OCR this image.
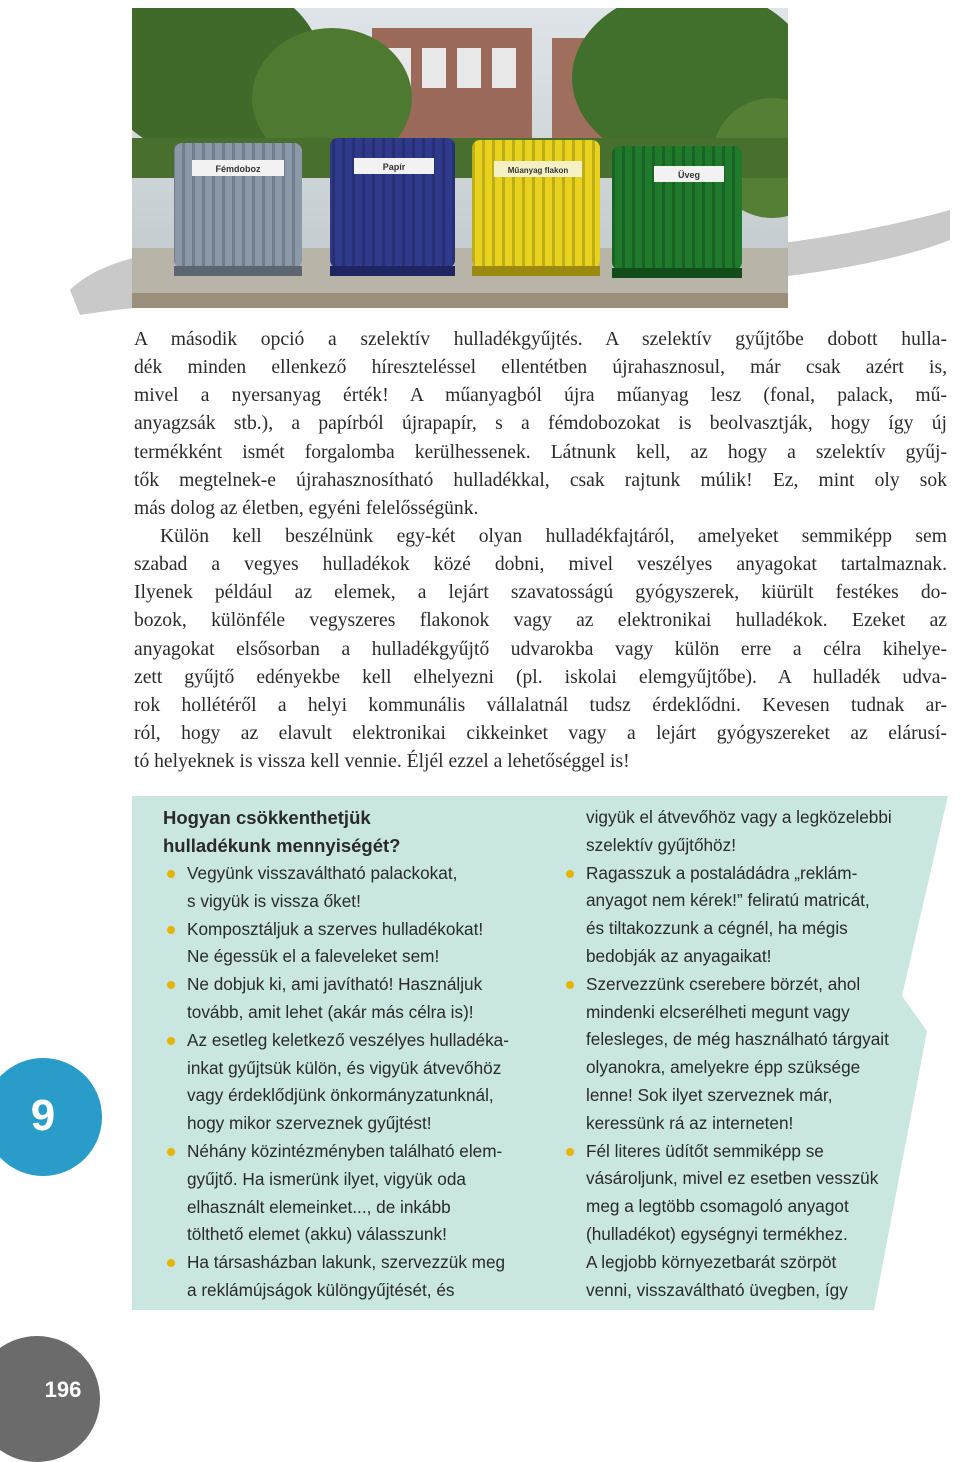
Fémdoboz	Papír	Műanyag flakon	Üveg
A második opció a szelektív hulladékgyűjtés. A szelektív gyűjtőbe dobott hulla-
dék minden ellenkező híreszteléssel ellentétben újrahasznosul, már csak azért is,
mivel a nyersanyag érték! A műanyagból újra műanyag lesz (fonal, palack, mű-
anyagzsák stb.), a papírból újrapapír, s a fémdobozokat is beolvasztják, hogy így új
termékként ismét forgalomba kerülhessenek. Látnunk kell, az hogy a szelektív gyűj-
tők megtelnek-e újrahasznosítható hulladékkal, csak rajtunk múlik! Ez, mint oly sok
más dolog az életben, egyéni felelősségünk.
Külön kell beszélnünk egy-két olyan hulladékfajtáról, amelyeket semmiképp sem
szabad a vegyes hulladékok közé dobni, mivel veszélyes anyagokat tartalmaznak.
Ilyenek például az elemek, a lejárt szavatosságú gyógyszerek, kiürült festékes do-
bozok, különféle vegyszeres flakonok vagy az elektronikai hulladékok. Ezeket az
anyagokat elsősorban a hulladékgyűjtő udvarokba vagy külön erre a célra kihelye-
zett gyűjtő edényekbe kell elhelyezni (pl. iskolai elemgyűjtőbe). A hulladék udva-
rok hollétéről a helyi kommunális vállalatnál tudsz érdeklődni. Kevesen tudnak ar-
ról, hogy az elavult elektronikai cikkeinket vagy a lejárt gyógyszereket az elárusí-
tó helyeknek is vissza kell vennie. Éljél ezzel a lehetőséggel is!
Hogyan csökkenthetjük
hulladékunk mennyiségét?
Vegyünk visszaváltható palackokat,
s vigyük is vissza őket!
Komposztáljuk a szerves hulladékokat!
Ne égessük el a faleveleket sem!
Ne dobjuk ki, ami javítható! Használjuk
tovább, amit lehet (akár más célra is)!
Az esetleg keletkező veszélyes hulladéka-
inkat gyűjtsük külön, és vigyük átvevőhöz
vagy érdeklődjünk önkormányzatunknál,
hogy mikor szerveznek gyűjtést!
Néhány közintézményben található elem-
gyűjtő. Ha ismerünk ilyet, vigyük oda
elhasznált elemeinket..., de inkább
tölthető elemet (akku) válasszunk!
Ha társasházban lakunk, szervezzük meg
a reklámújságok különgyűjtését, és
vigyük el átvevőhöz vagy a legközelebbi
szelektív gyűjtőhöz!
Ragasszuk a postaládádra „reklám-
anyagot nem kérek!” feliratú matricát,
és tiltakozzunk a cégnél, ha mégis
bedobják az anyagaikat!
Szervezzünk cserebere börzét, ahol
mindenki elcserélheti megunt vagy
felesleges, de még használható tárgyait
olyanokra, amelyekre épp szüksége
lenne! Sok ilyet szerveznek már,
keressünk rá az interneten!
Fél literes üdítőt semmiképp se
vásároljunk, mivel ez esetben vesszük
meg a legtöbb csomagoló anyagot
(hulladékot) egységnyi termékhez.
A legjobb környezetbarát szörpöt
venni, visszaváltható üvegben, így
9
196
